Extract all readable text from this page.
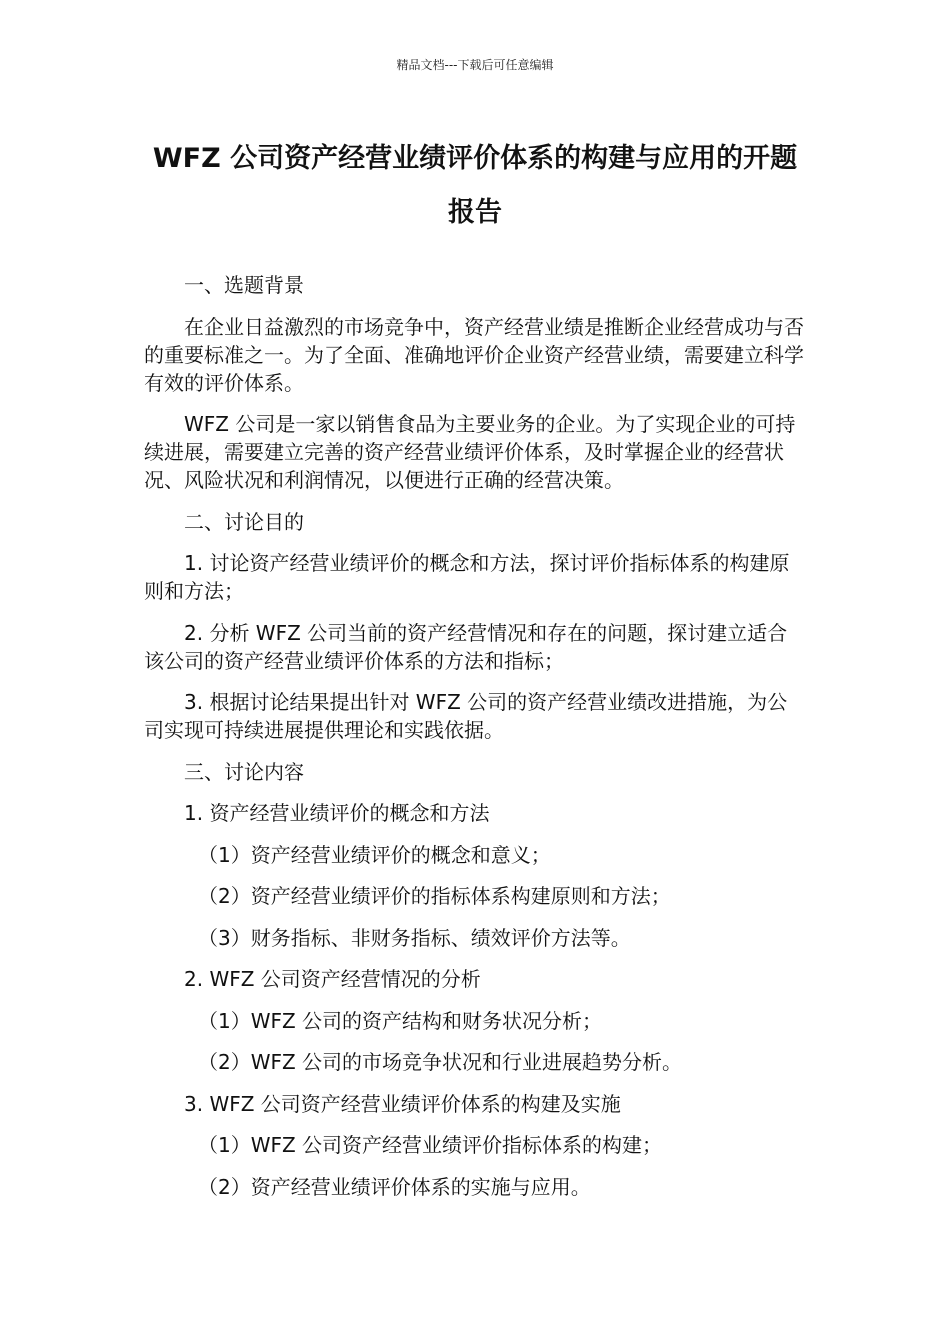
精品文档---下载后可任意编辑
WFZ 公司资产经营业绩评价体系的构建与应用的开题报告

一、选题背景

在企业日益激烈的市场竞争中，资产经营业绩是推断企业经营成功与否的重要标准之一。为了全面、准确地评价企业资产经营业绩，需要建立科学有效的评价体系。

WFZ 公司是一家以销售食品为主要业务的企业。为了实现企业的可持续进展，需要建立完善的资产经营业绩评价体系，及时掌握企业的经营状况、风险状况和利润情况，以便进行正确的经营决策。

二、讨论目的

1. 讨论资产经营业绩评价的概念和方法，探讨评价指标体系的构建原则和方法；

2. 分析 WFZ 公司当前的资产经营情况和存在的问题，探讨建立适合该公司的资产经营业绩评价体系的方法和指标；

3. 根据讨论结果提出针对 WFZ 公司的资产经营业绩改进措施，为公司实现可持续进展提供理论和实践依据。

三、讨论内容

1. 资产经营业绩评价的概念和方法

（1）资产经营业绩评价的概念和意义；

（2）资产经营业绩评价的指标体系构建原则和方法；

（3）财务指标、非财务指标、绩效评价方法等。

2. WFZ 公司资产经营情况的分析

（1）WFZ 公司的资产结构和财务状况分析；

（2）WFZ 公司的市场竞争状况和行业进展趋势分析。

3. WFZ 公司资产经营业绩评价体系的构建及实施

（1）WFZ 公司资产经营业绩评价指标体系的构建；

（2）资产经营业绩评价体系的实施与应用。
